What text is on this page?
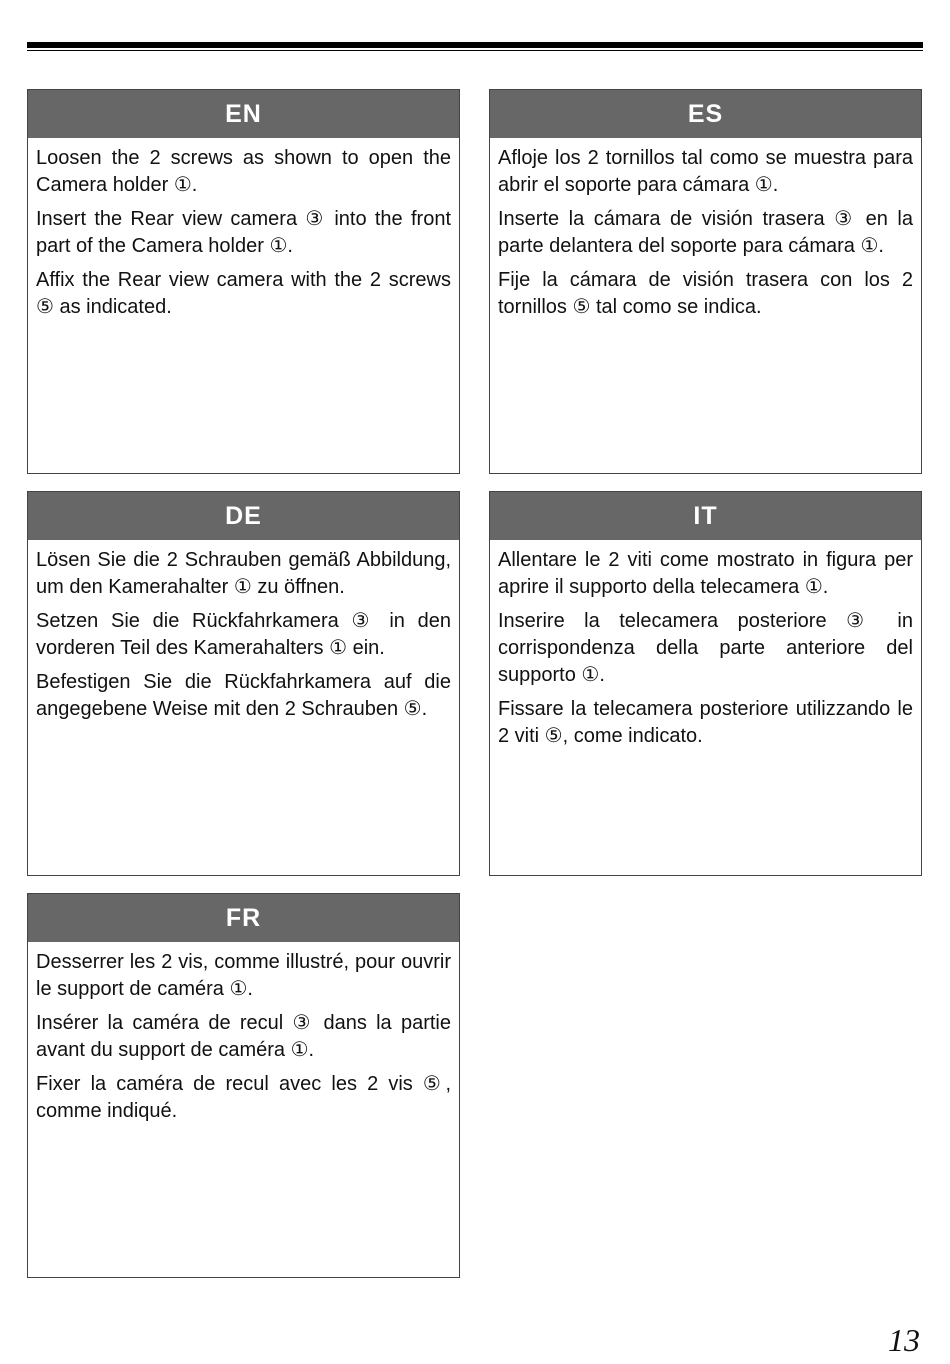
EN

Loosen the 2 screws as shown to open the Camera holder ①.

Insert the Rear view camera ③ into the front part of the Camera holder ①.

Affix the Rear view camera with the 2 screws ⑤ as indicated.

ES

Afloje los 2 tornillos tal como se muestra para abrir el soporte para cámara ①.

Inserte la cámara de visión trasera ③ en la parte delantera del soporte para cámara ①.

Fije la cámara de visión trasera con los 2 tornillos ⑤ tal como se indica.

DE

Lösen Sie die 2 Schrauben gemäß Abbildung, um den Kamerahalter ① zu öffnen.

Setzen Sie die Rückfahrkamera ③ in den vorderen Teil des Kamerahalters ① ein.

Befestigen Sie die Rückfahrkamera auf die angegebene Weise mit den 2 Schrauben ⑤.

IT

Allentare le 2 viti come mostrato in figura per aprire il supporto della telecamera ①.

Inserire la telecamera posteriore ③ in corrispondenza della parte anteriore del supporto ①.

Fissare la telecamera posteriore utilizzando le 2 viti ⑤, come indicato.

FR

Desserrer les 2 vis, comme illustré, pour ouvrir le support de caméra ①.

Insérer la caméra de recul ③ dans la partie avant du support de caméra ①.

Fixer la caméra de recul avec les 2 vis ⑤, comme indiqué.

13
